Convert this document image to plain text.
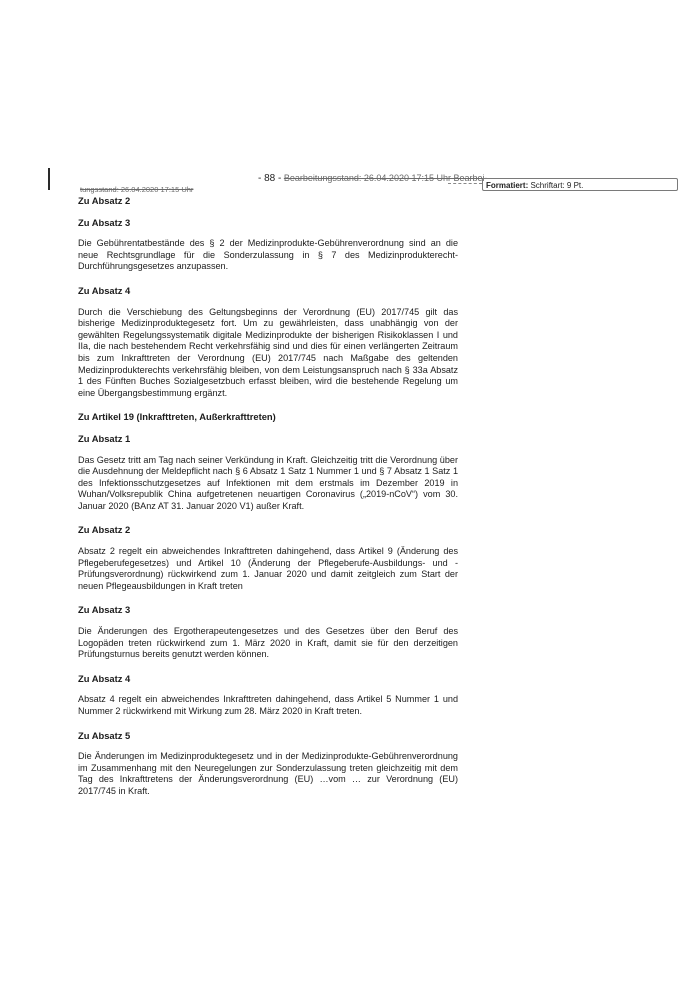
- 88 - Bearbeitungsstand: 26.04.2020 17:15 Uhr Bearbei-
tungsstand: 26.04.2020 17:15 Uhr	Formatiert: Schriftart: 9 Pt.
Zu Absatz 2
Zu Absatz 3

Die Gebührentatbestände des § 2 der Medizinprodukte-Gebührenverordnung sind an die neue Rechtsgrundlage für die Sonderzulassung in § 7 des Medizinprodukterecht-Durchführungsgesetzes anzupassen.

Zu Absatz 4

Durch die Verschiebung des Geltungsbeginns der Verordnung (EU) 2017/745 gilt das bisherige Medizinproduktegesetz fort. Um zu gewährleisten, dass unabhängig von der gewählten Regelungssystematik digitale Medizinprodukte der bisherigen Risikoklassen I und IIa, die nach bestehendem Recht verkehrsfähig sind und dies für einen verlängerten Zeitraum bis zum Inkrafttreten der Verordnung (EU) 2017/745 nach Maßgabe des geltenden Medizinprodukterechts verkehrsfähig bleiben, von dem Leistungsanspruch nach § 33a Absatz 1 des Fünften Buches Sozialgesetzbuch erfasst bleiben, wird die bestehende Regelung um eine Übergangsbestimmung ergänzt.

Zu Artikel 19 (Inkrafttreten, Außerkrafttreten)
Zu Absatz 1

Das Gesetz tritt am Tag nach seiner Verkündung in Kraft. Gleichzeitig tritt die Verordnung über die Ausdehnung der Meldepflicht nach § 6 Absatz 1 Satz 1 Nummer 1 und § 7 Absatz 1 Satz 1 des Infektionsschutzgesetzes auf Infektionen mit dem erstmals im Dezember 2019 in Wuhan/Volksrepublik China aufgetretenen neuartigen Coronavirus („2019-nCoV“) vom 30. Januar 2020 (BAnz AT 31. Januar 2020 V1) außer Kraft.

Zu Absatz 2

Absatz 2 regelt ein abweichendes Inkrafttreten dahingehend, dass Artikel 9 (Änderung des Pflegeberufegesetzes) und Artikel 10 (Änderung der Pflegeberufe-Ausbildungs- und -Prüfungsverordnung) rückwirkend zum 1. Januar 2020 und damit zeitgleich zum Start der neuen Pflegeausbildungen in Kraft treten

Zu Absatz 3

Die Änderungen des Ergotherapeutengesetzes und des Gesetzes über den Beruf des Logopäden treten rückwirkend zum 1. März 2020 in Kraft, damit sie für den derzeitigen Prüfungsturnus bereits genutzt werden können.

Zu Absatz 4

Absatz 4 regelt ein abweichendes Inkrafttreten dahingehend, dass Artikel 5 Nummer 1 und Nummer 2 rückwirkend mit Wirkung zum 28. März 2020 in Kraft treten.

Zu Absatz 5

Die Änderungen im Medizinproduktegesetz und in der Medizinprodukte-Gebührenverordnung im Zusammenhang mit den Neuregelungen zur Sonderzulassung treten gleichzeitig mit dem Tag des Inkrafttretens der Änderungsverordnung (EU) …vom … zur Verordnung (EU) 2017/745 in Kraft.
